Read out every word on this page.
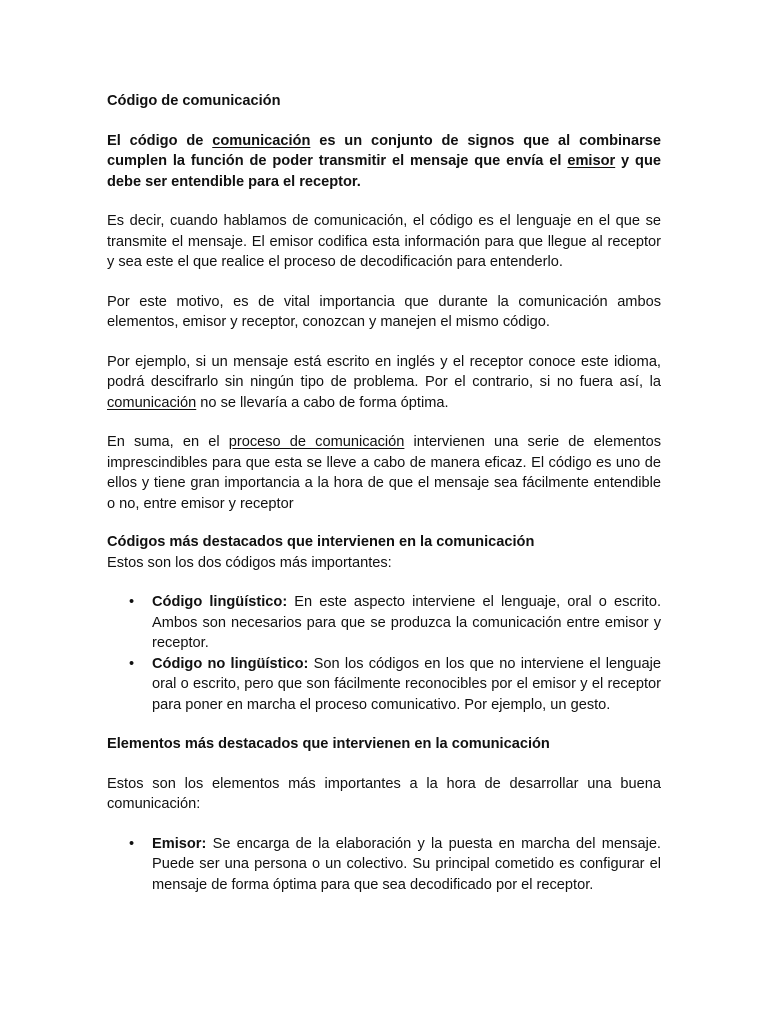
Código de comunicación

El código de comunicación es un conjunto de signos que al combinarse cumplen la función de poder transmitir el mensaje que envía el emisor y que debe ser entendible para el receptor.

Es decir, cuando hablamos de comunicación, el código es el lenguaje en el que se transmite el mensaje. El emisor codifica esta información para que llegue al receptor y sea este el que realice el proceso de decodificación para entenderlo.

Por este motivo, es de vital importancia que durante la comunicación ambos elementos, emisor y receptor, conozcan y manejen el mismo código.

Por ejemplo, si un mensaje está escrito en inglés y el receptor conoce este idioma, podrá descifrarlo sin ningún tipo de problema. Por el contrario, si no fuera así, la comunicación no se llevaría a cabo de forma óptima.

En suma, en el proceso de comunicación intervienen una serie de elementos imprescindibles para que esta se lleve a cabo de manera eficaz. El código es uno de ellos y tiene gran importancia a la hora de que el mensaje sea fácilmente entendible o no, entre emisor y receptor

Códigos más destacados que intervienen en la comunicación

Estos son los dos códigos más importantes:

• Código lingüístico: En este aspecto interviene el lenguaje, oral o escrito. Ambos son necesarios para que se produzca la comunicación entre emisor y receptor.
• Código no lingüístico: Son los códigos en los que no interviene el lenguaje oral o escrito, pero que son fácilmente reconocibles por el emisor y el receptor para poner en marcha el proceso comunicativo. Por ejemplo, un gesto.

Elementos más destacados que intervienen en la comunicación

Estos son los elementos más importantes a la hora de desarrollar una buena comunicación:

• Emisor: Se encarga de la elaboración y la puesta en marcha del mensaje. Puede ser una persona o un colectivo. Su principal cometido es configurar el mensaje de forma óptima para que sea decodificado por el receptor.
